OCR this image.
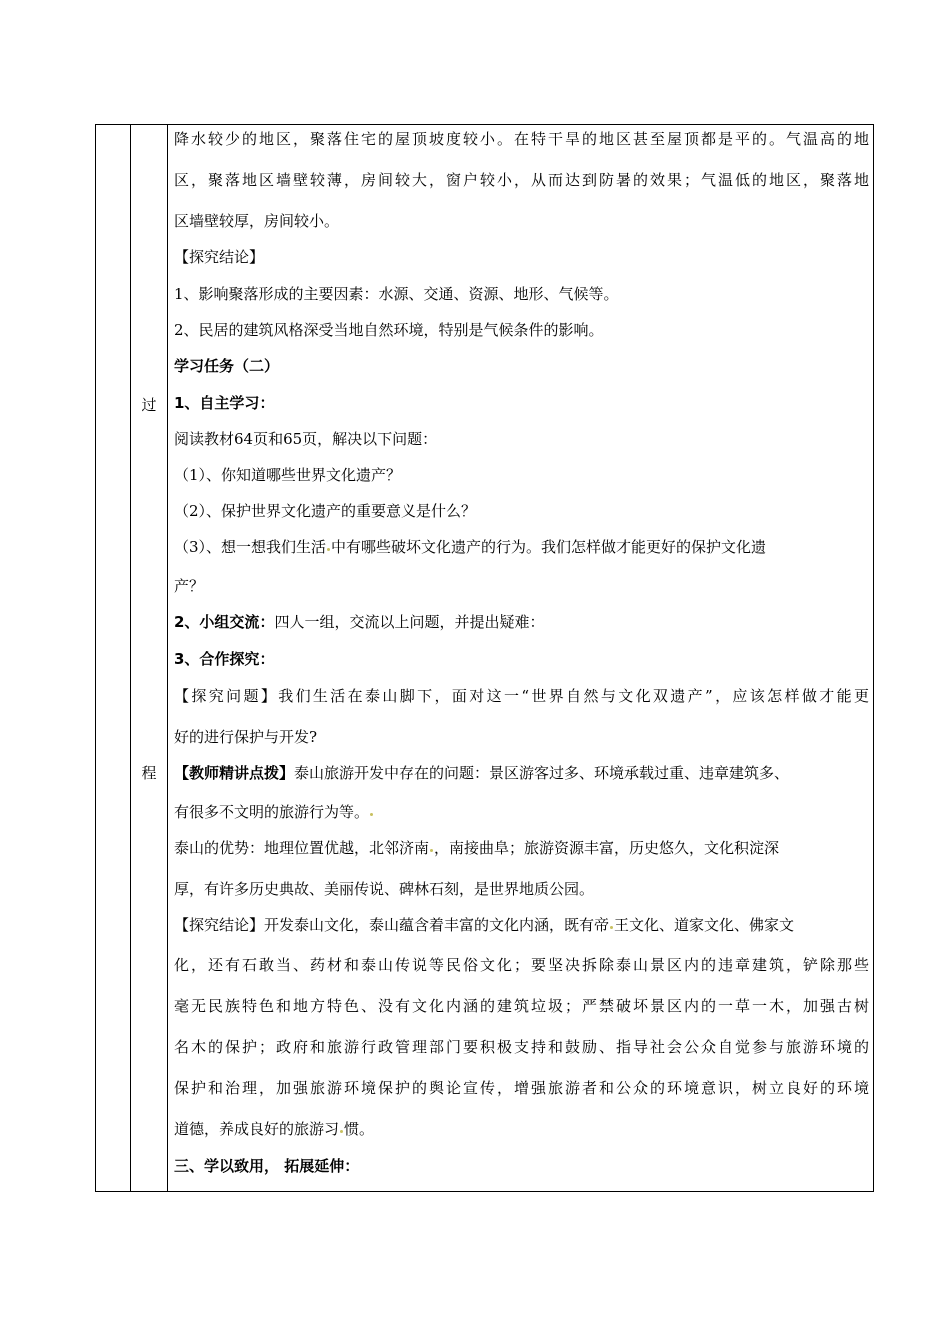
过
程
降水较少的地区，聚落住宅的屋顶坡度较小。在特干旱的地区甚至屋顶都是平的。气温高的地
区，聚落地区墙壁较薄，房间较大，窗户较小，从而达到防暑的效果；气温低的地区，聚落地
区墙壁较厚，房间较小。
【探究结论】
1、影响聚落形成的主要因素：水源、交通、资源、地形、气候等。
2、民居的建筑风格深受当地自然环境，特别是气候条件的影响。
学习任务（二）
1、自主学习：
阅读教材64页和65页，解决以下问题：
（1）、你知道哪些世界文化遗产？
（2）、保护世界文化遗产的重要意义是什么？
（3）、想一想我们生活 中有哪些破坏文化遗产的行为。我们怎样做才能更好的保护文化遗
产？
2、小组交流：四人一组，交流以上问题，并提出疑难：
3、合作探究：
【探究问题】我们生活在泰山脚下，面对这一“世界自然与文化双遗产”，应该怎样做才能更
好的进行保护与开发?
【教师精讲点拨】泰山旅游开发中存在的问题：景区游客过多、环境承载过重、违章建筑多、
有很多不文明的旅游行为等。
泰山的优势：地理位置优越，北邻济南 ，南接曲阜；旅游资源丰富，历史悠久，文化积淀深
厚，有许多历史典故、美丽传说、碑林石刻，是世界地质公园。
【探究结论】开发泰山文化，泰山蕴含着丰富的文化内涵，既有帝 王文化、道家文化、佛家文
化，还有石敢当、药材和泰山传说等民俗文化；要坚决拆除泰山景区内的违章建筑，铲除那些
毫无民族特色和地方特色、没有文化内涵的建筑垃圾；严禁破坏景区内的一草一木，加强古树
名木的保护；政府和旅游行政管理部门要积极支持和鼓励、指导社会公众自觉参与旅游环境的
保护和治理，加强旅游环境保护的舆论宣传，增强旅游者和公众的环境意识，树立良好的环境
道德，养成良好的旅游习 惯。
三、学以致用， 拓展延伸：
